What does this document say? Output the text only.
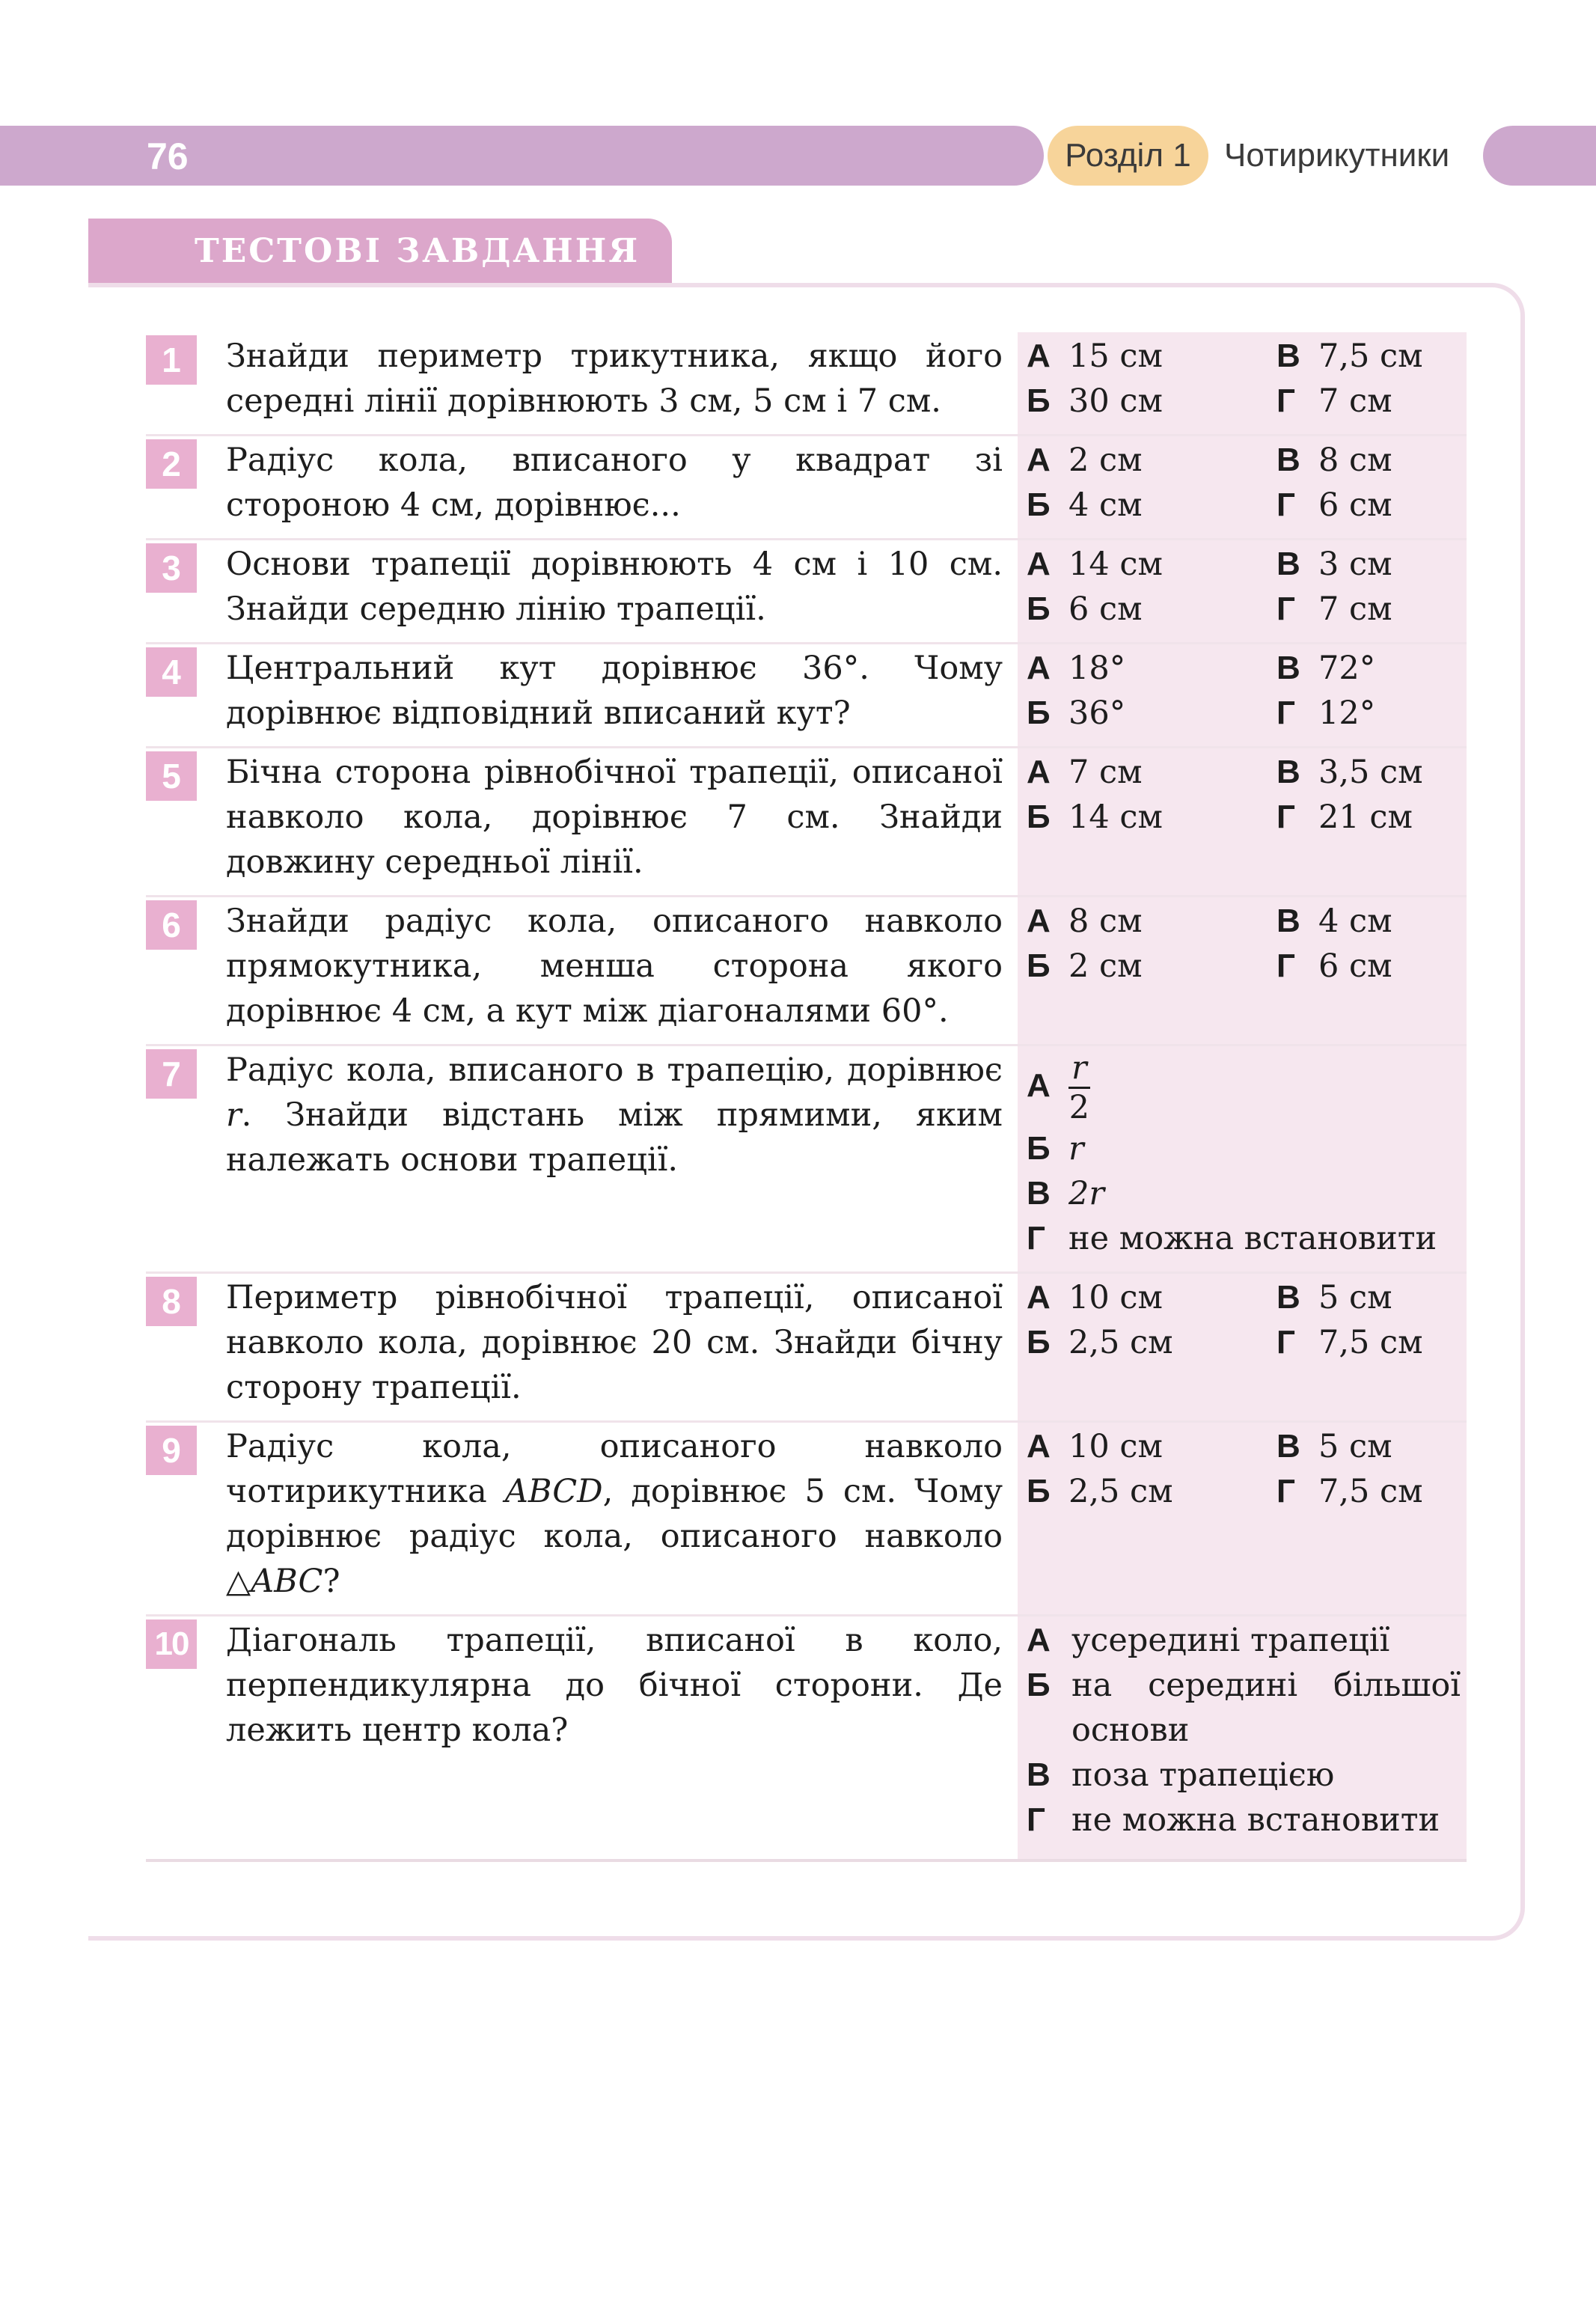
76	Розділ 1	Чотирикутники
ТЕСТОВІ ЗАВДАННЯ
1	Знайди периметр трикутника, якщо його середні лінії дорівнюють 3 см, 5 см і 7 см.
А 15 см	В 7,5 см
Б 30 см	Г 7 см
2	Радіус кола, вписаного у квадрат зі стороною 4 см, дорівнює...
А 2 см	В 8 см
Б 4 см	Г 6 см
3	Основи трапеції дорівнюють 4 см і 10 см. Знайди середню лінію трапеції.
А 14 см	В 3 см
Б 6 см	Г 7 см
4	Центральний кут дорівнює 36°. Чому дорівнює відповідний вписаний кут?
А 18°	В 72°
Б 36°	Г 12°
5	Бічна сторона рівнобічної трапеції, описаної навколо кола, дорівнює 7 см. Знайди довжину середньої лінії.
А 7 см	В 3,5 см
Б 14 см	Г 21 см
6	Знайди радіус кола, описаного навколо прямокутника, менша сторона якого дорівнює 4 см, а кут між діагоналями 60°.
А 8 см	В 4 см
Б 2 см	Г 6 см
7	Радіус кола, вписаного в трапецію, дорівнює r. Знайди відстань між прямими, яким належать основи трапеції.
А $\frac{r}{2}$
Б r
В 2r
Г не можна встановити
8	Периметр рівнобічної трапеції, описаної навколо кола, дорівнює 20 см. Знайди бічну сторону трапеції.
А 10 см	В 5 см
Б 2,5 см	Г 7,5 см
9	Радіус кола, описаного навколо чотирикутника ABCD, дорівнює 5 см. Чому дорівнює радіус кола, описаного навколо △ABC?
А 10 см	В 5 см
Б 2,5 см	Г 7,5 см
10 Діагональ трапеції, вписаної в коло, перпендикулярна до бічної сторони. Де лежить центр кола?
А усередині трапеції
Б на середині більшої основи
В поза трапецією
Г не можна встановити
